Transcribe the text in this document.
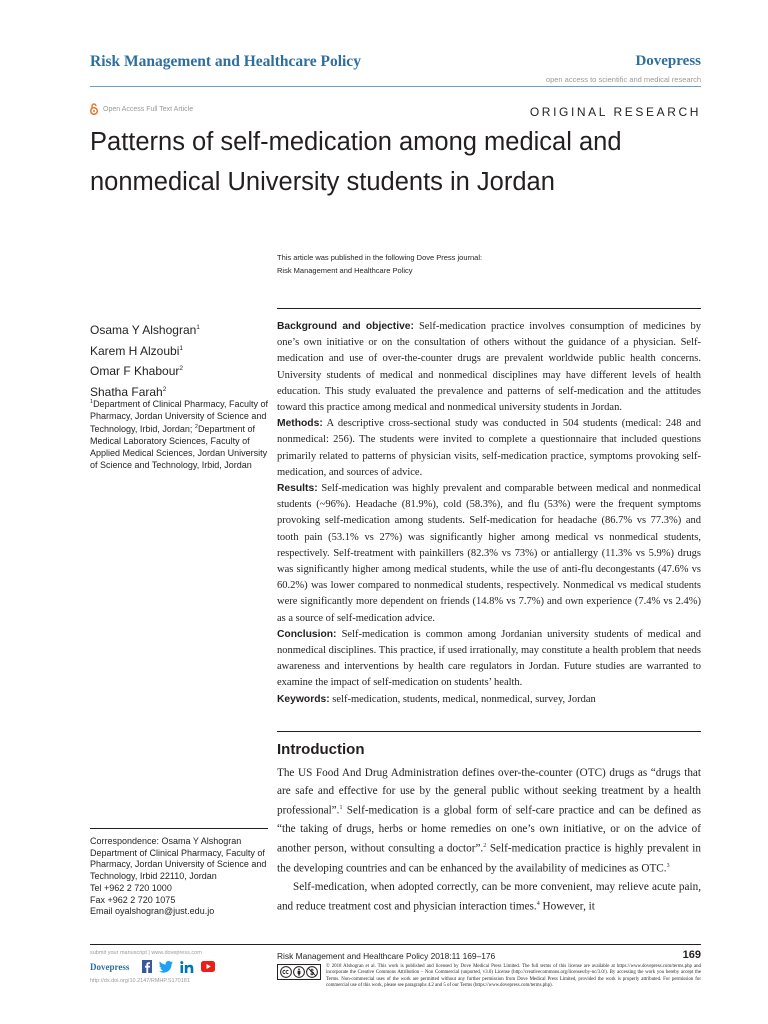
Risk Management and Healthcare Policy	Dovepress
open access to scientific and medical research
Open Access Full Text Article	ORIGINAL RESEARCH
Patterns of self-medication among medical and nonmedical University students in Jordan
This article was published in the following Dove Press journal:
Risk Management and Healthcare Policy
Osama Y Alshogran$^1$
Karem H Alzoubi$^1$
Omar F Khabour$^2$
Shatha Farah$^2$
$^1$Department of Clinical Pharmacy, Faculty of Pharmacy, Jordan University of Science and Technology, Irbid, Jordan; $^2$Department of Medical Laboratory Sciences, Faculty of Applied Medical Sciences, Jordan University of Science and Technology, Irbid, Jordan

Background and objective: Self-medication practice involves consumption of medicines by one’s own initiative or on the consultation of others without the guidance of a physician. Self-medication and use of over-the-counter drugs are prevalent worldwide public health concerns. University students of medical and nonmedical disciplines may have different levels of health education. This study evaluated the prevalence and patterns of self-medication and the attitudes toward this practice among medical and nonmedical university students in Jordan.

Methods: A descriptive cross-sectional study was conducted in 504 students (medical: 248 and nonmedical: 256). The students were invited to complete a questionnaire that included questions primarily related to patterns of physician visits, self-medication practice, symptoms provoking self-medication, and sources of advice.

Results: Self-medication was highly prevalent and comparable between medical and nonmedical students (~96%). Headache (81.9%), cold (58.3%), and flu (53%) were the frequent symptoms provoking self-medication among students. Self-medication for headache (86.7% vs 77.3%) and tooth pain (53.1% vs 27%) was significantly higher among medical vs nonmedical students, respectively. Self-treatment with painkillers (82.3% vs 73%) or antiallergy (11.3% vs 5.9%) drugs was significantly higher among medical students, while the use of anti-flu decongestants (47.6% vs 60.2%) was lower compared to nonmedical students, respectively. Nonmedical vs medical students were significantly more dependent on friends (14.8% vs 7.7%) and own experience (7.4% vs 2.4%) as a source of self-medication advice.

Conclusion: Self-medication is common among Jordanian university students of medical and nonmedical disciplines. This practice, if used irrationally, may constitute a health problem that needs awareness and interventions by health care regulators in Jordan. Future studies are warranted to examine the impact of self-medication on students’ health.

Keywords: self-medication, students, medical, nonmedical, survey, Jordan

Introduction

The US Food And Drug Administration defines over-the-counter (OTC) drugs as “drugs that are safe and effective for use by the general public without seeking treatment by a health professional”.$^1$ Self-medication is a global form of self-care practice and can be defined as “the taking of drugs, herbs or home remedies on one’s own initiative, or on the advice of another person, without consulting a doctor”.$^2$ Self-medication practice is highly prevalent in the developing countries and can be enhanced by the availability of medicines as OTC.$^3$

Self-medication, when adopted correctly, can be more convenient, may relieve acute pain, and reduce treatment cost and physician interaction times.$^4$ However, it

Correspondence: Osama Y Alshogran
Department of Clinical Pharmacy, Faculty of Pharmacy, Jordan University of Science and Technology, Irbid 22110, Jordan
Tel +962 2 720 1000
Fax +962 2 720 1075
Email oyalshogran@just.edu.jo
submit your manuscript | www.dovepress.com
Dovepress
http://dx.doi.org/10.2147/RMHP.S170181
Risk Management and Healthcare Policy 2018:11 169–176	169
© 2018 Alshogran et al. This work is published and licensed by Dove Medical Press Limited. The full terms of this license are available at https://www.dovepress.com/terms.php and incorporate the Creative Commons Attribution – Non Commercial (unported, v3.0) License (http://creativecommons.org/licenses/by-nc/3.0/). By accessing the work you hereby accept the Terms. Non-commercial uses of the work are permitted without any further permission from Dove Medical Press Limited, provided the work is properly attributed. For permission for commercial use of this work, please see paragraphs 4.2 and 5 of our Terms (https://www.dovepress.com/terms.php).
